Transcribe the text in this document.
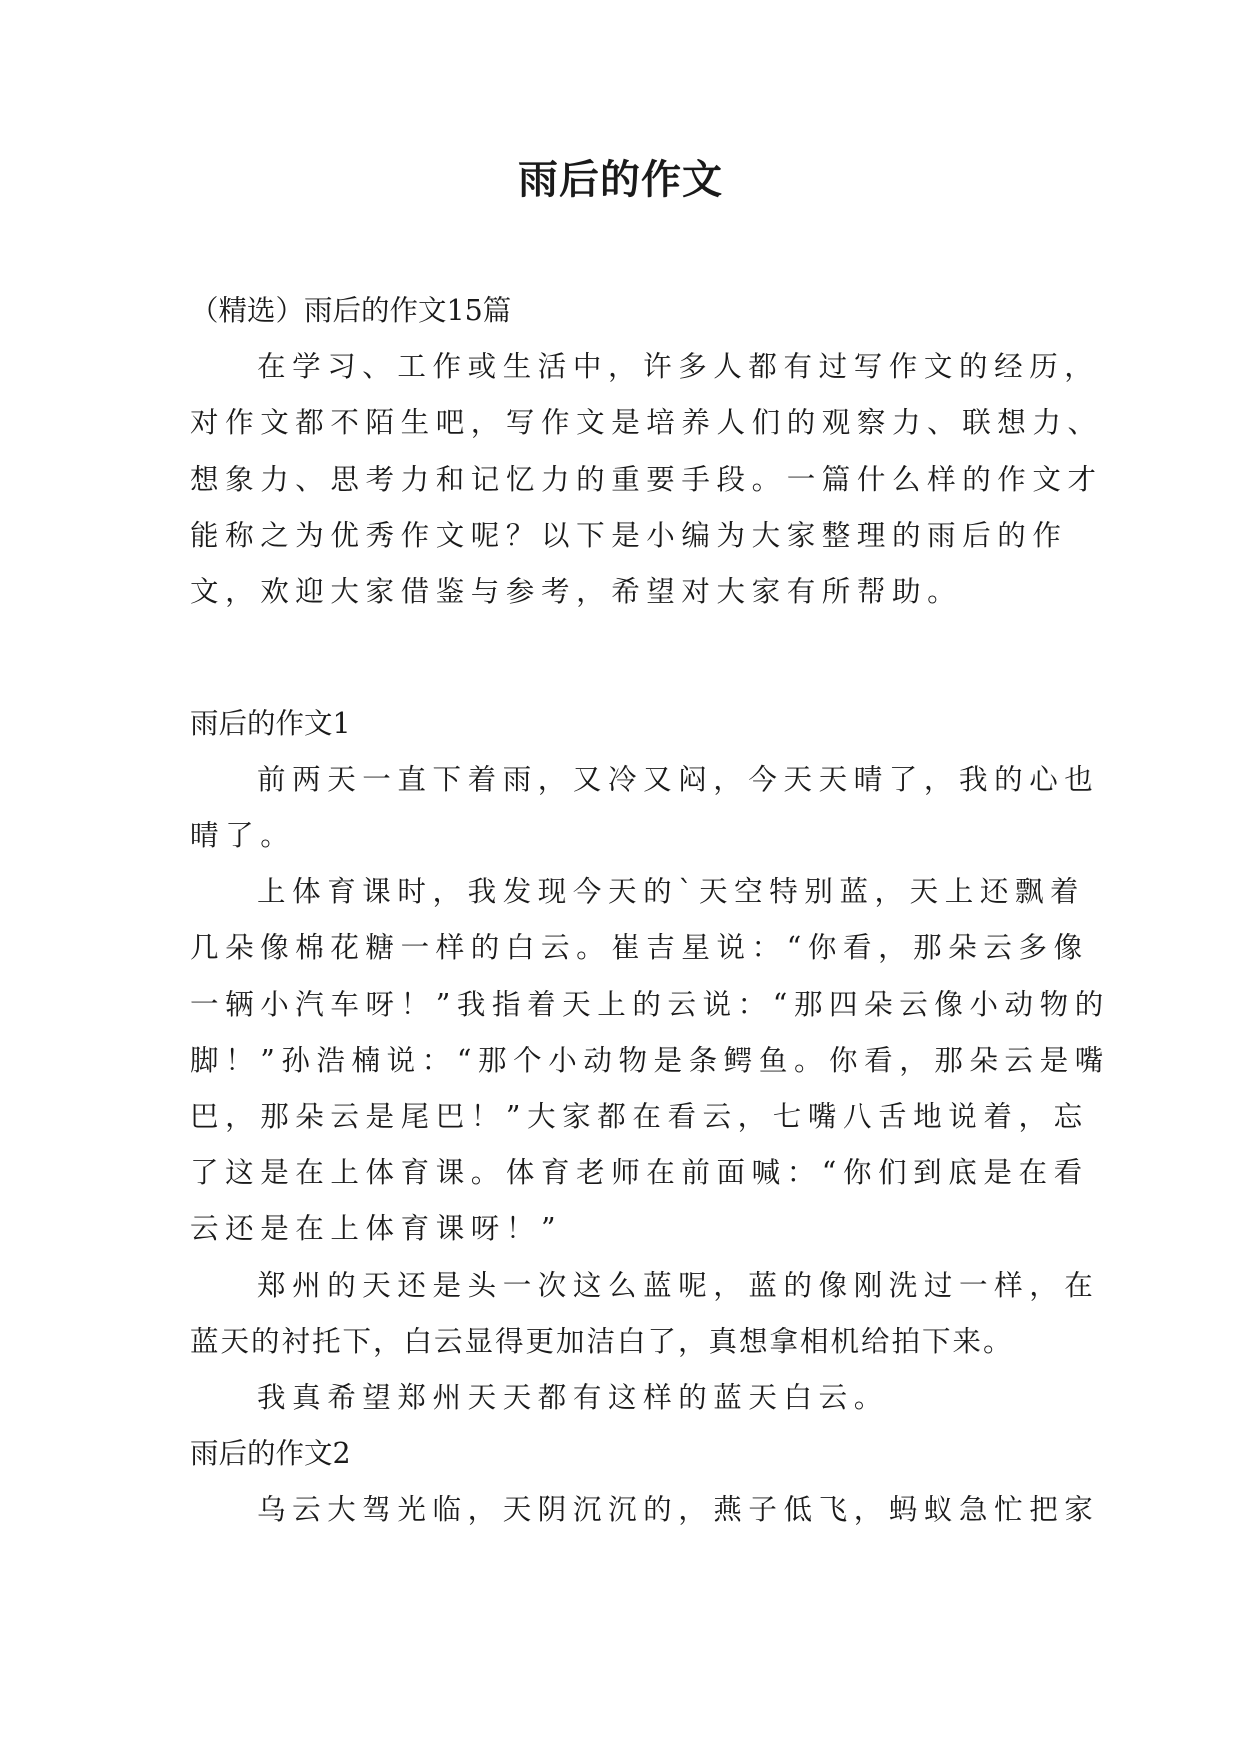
雨后的作文

（精选）雨后的作文15篇

在学习、工作或生活中，许多人都有过写作文的经历，

对作文都不陌生吧，写作文是培养人们的观察力、联想力、

想象力、思考力和记忆力的重要手段。一篇什么样的作文才

能称之为优秀作文呢？以下是小编为大家整理的雨后的作

文，欢迎大家借鉴与参考，希望对大家有所帮助。

雨后的作文1

前两天一直下着雨，又冷又闷，今天天晴了，我的心也

晴了。

上体育课时，我发现今天的`天空特别蓝，天上还飘着

几朵像棉花糖一样的白云。崔吉星说：“你看，那朵云多像

一辆小汽车呀！”我指着天上的云说：“那四朵云像小动物的

脚！”孙浩楠说：“那个小动物是条鳄鱼。你看，那朵云是嘴

巴，那朵云是尾巴！”大家都在看云，七嘴八舌地说着，忘

了这是在上体育课。体育老师在前面喊：“你们到底是在看

云还是在上体育课呀！”

郑州的天还是头一次这么蓝呢，蓝的像刚洗过一样，在

蓝天的衬托下，白云显得更加洁白了，真想拿相机给拍下来。

我真希望郑州天天都有这样的蓝天白云。

雨后的作文2

乌云大驾光临，天阴沉沉的，燕子低飞，蚂蚁急忙把家
